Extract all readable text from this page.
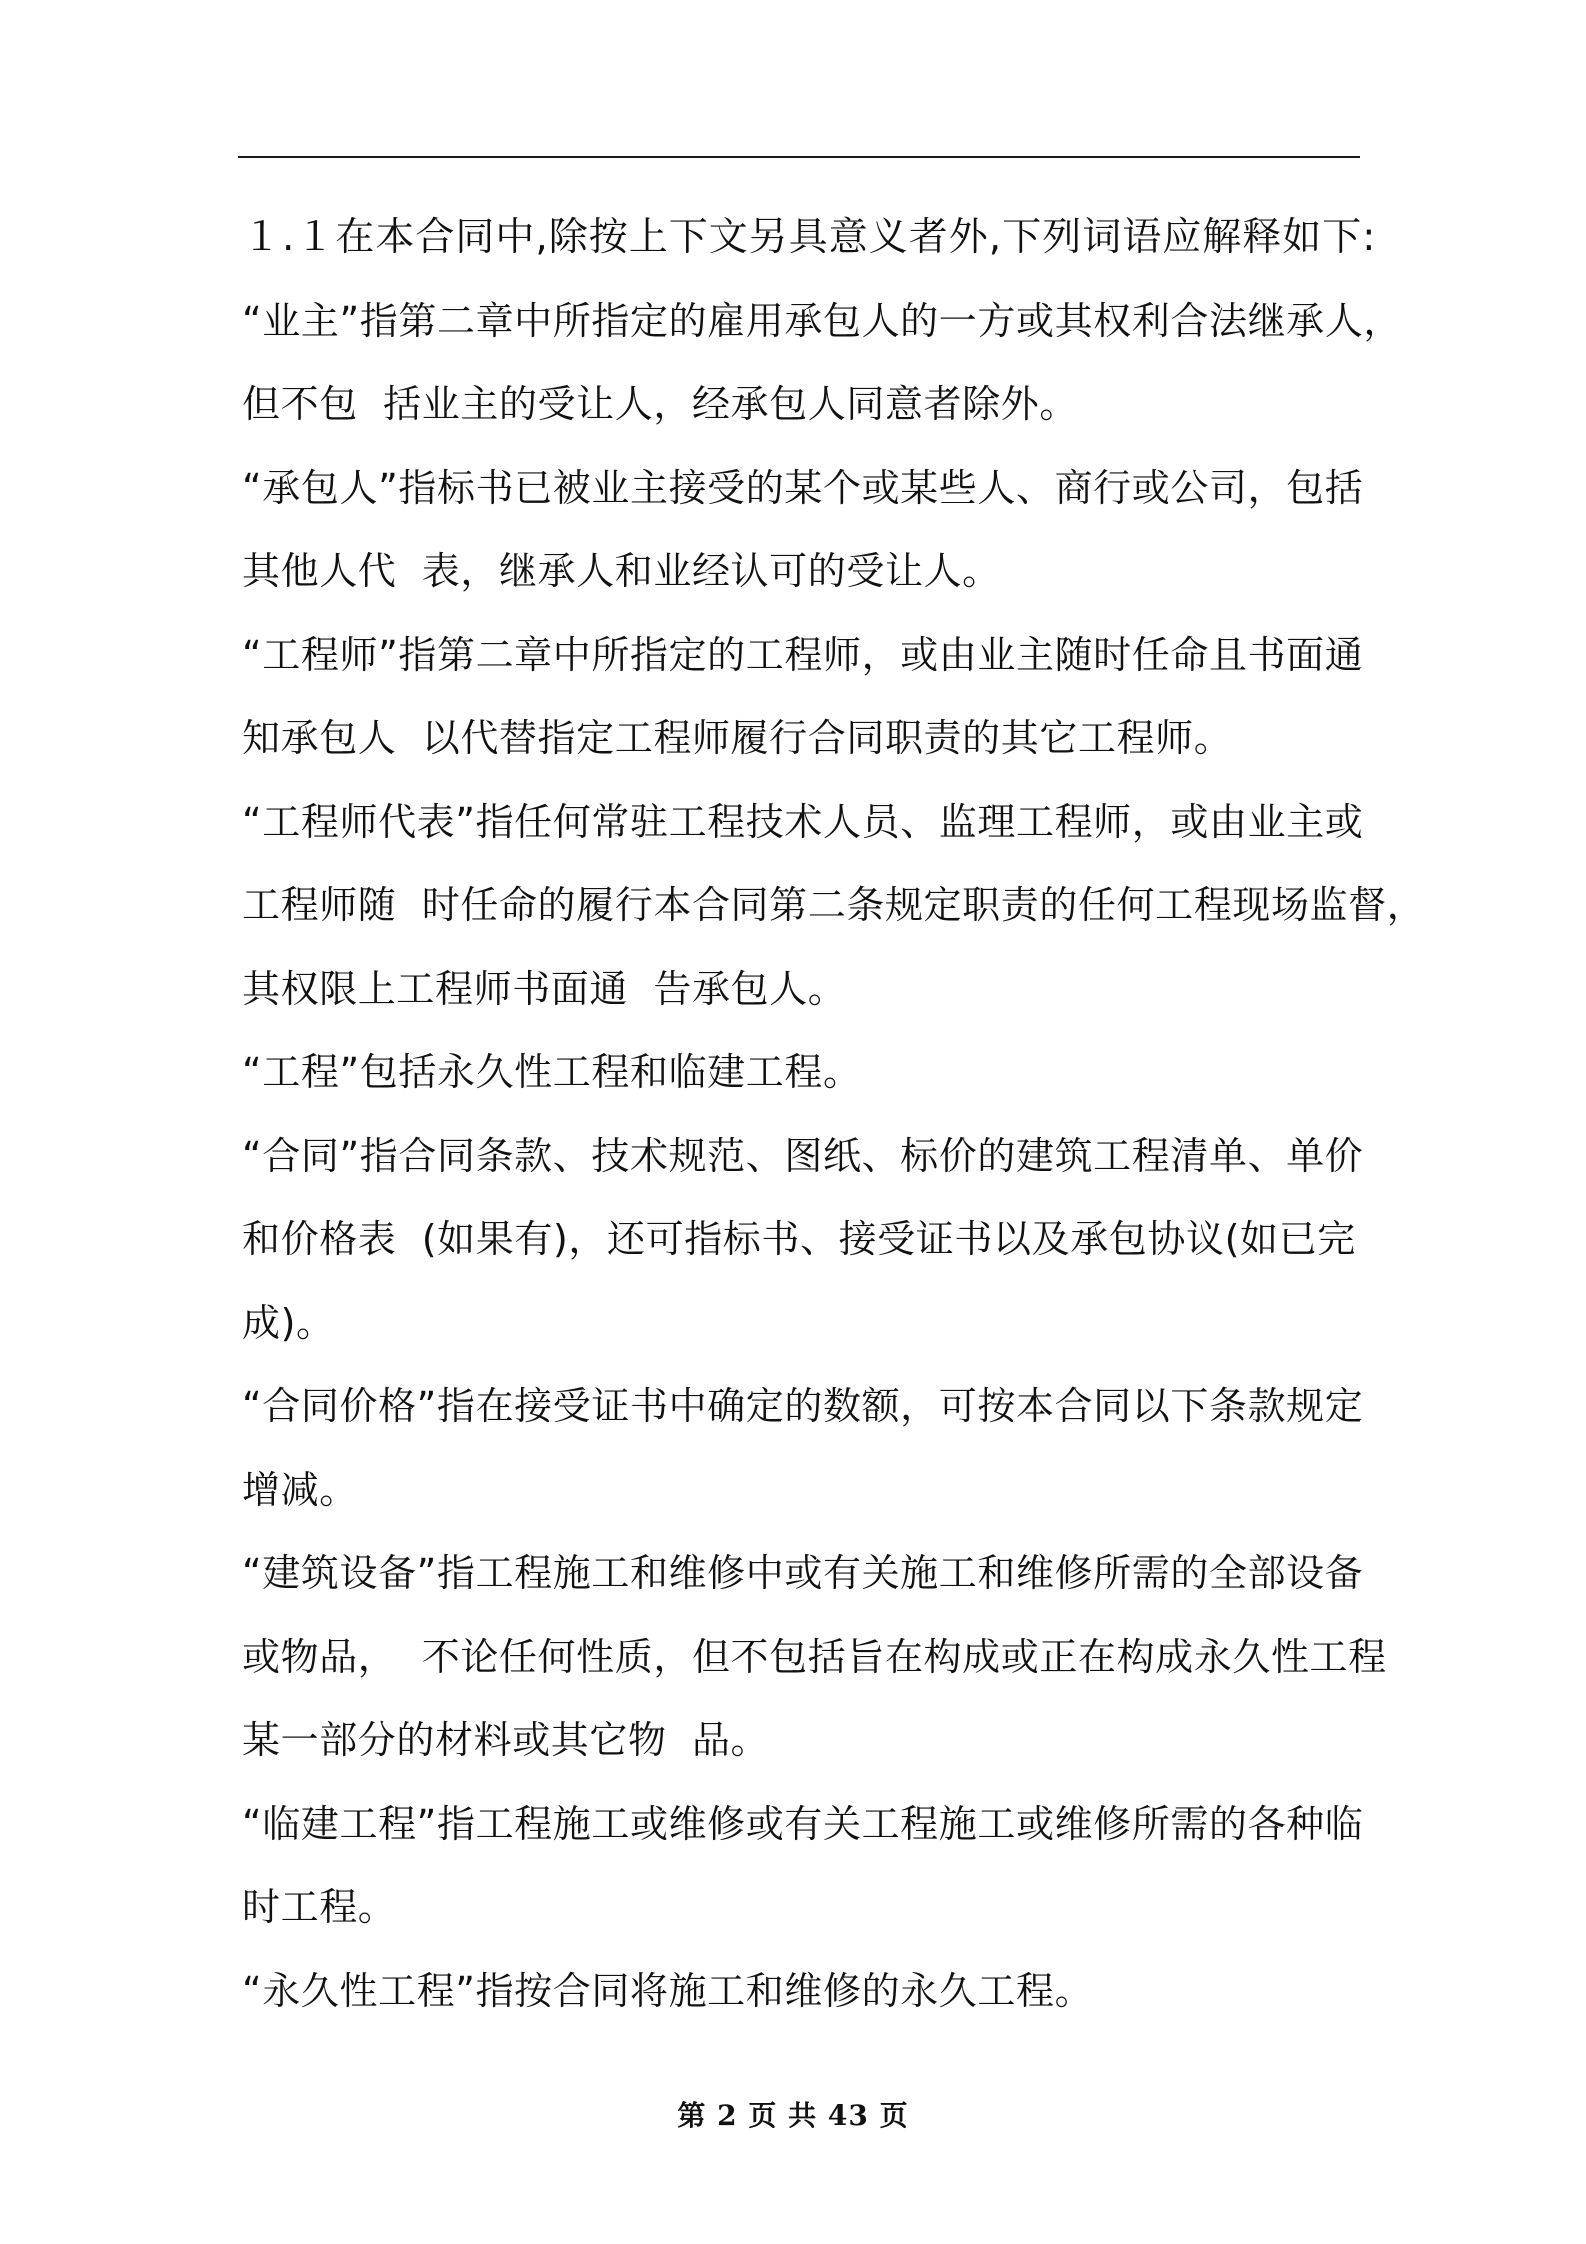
１.１在本合同中,除按上下文另具意义者外,下列词语应解释如下:
“业主”指第二章中所指定的雇用承包人的一方或其权利合法继承人，
但不包  括业主的受让人，经承包人同意者除外。
“承包人”指标书已被业主接受的某个或某些人、商行或公司，包括
其他人代  表，继承人和业经认可的受让人。
“工程师”指第二章中所指定的工程师，或由业主随时任命且书面通
知承包人  以代替指定工程师履行合同职责的其它工程师。
“工程师代表”指任何常驻工程技术人员、监理工程师，或由业主或
工程师随  时任命的履行本合同第二条规定职责的任何工程现场监督，
其权限上工程师书面通  告承包人。
“工程”包括永久性工程和临建工程。
“合同”指合同条款、技术规范、图纸、标价的建筑工程清单、单价
和价格表  (如果有)，还可指标书、接受证书以及承包协议(如已完
成)。
“合同价格”指在接受证书中确定的数额，可按本合同以下条款规定
增减。
“建筑设备”指工程施工和维修中或有关施工和维修所需的全部设备
或物品，  不论任何性质，但不包括旨在构成或正在构成永久性工程
某一部分的材料或其它物  品。
“临建工程”指工程施工或维修或有关工程施工或维修所需的各种临
时工程。
“永久性工程”指按合同将施工和维修的永久工程。
第 2 页 共 43 页
